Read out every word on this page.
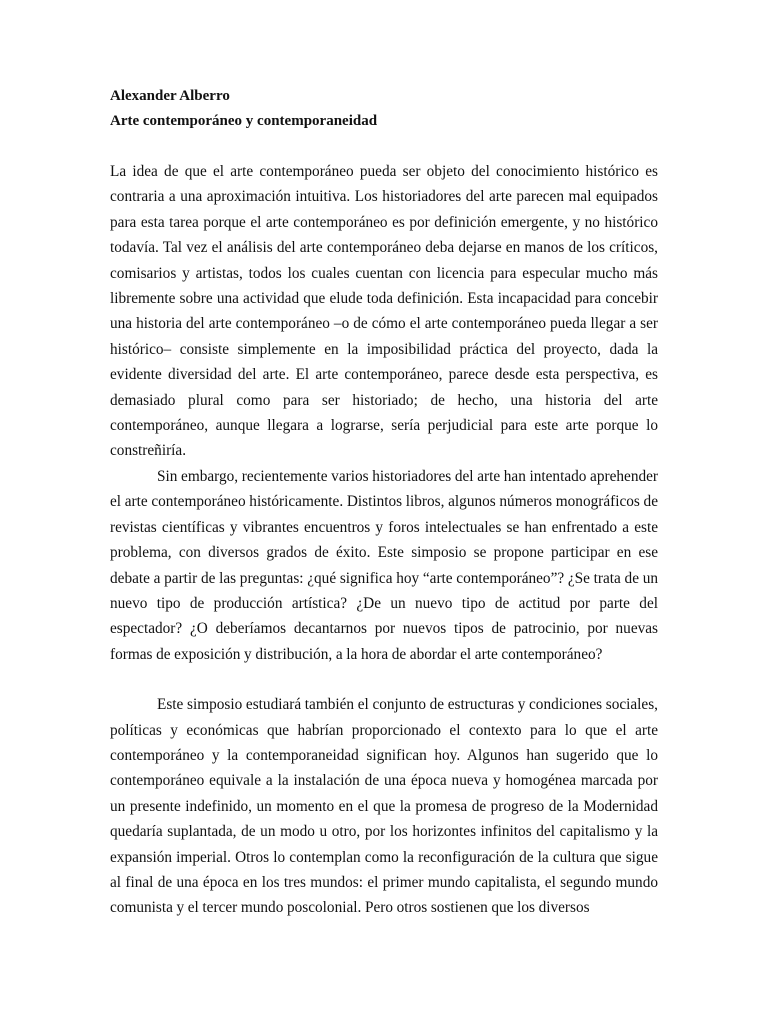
Alexander Alberro

Arte contemporáneo y contemporaneidad

La idea de que el arte contemporáneo pueda ser objeto del conocimiento histórico es contraria a una aproximación intuitiva. Los historiadores del arte parecen mal equipados para esta tarea porque el arte contemporáneo es por definición emergente, y no histórico todavía. Tal vez el análisis del arte contemporáneo deba dejarse en manos de los críticos, comisarios y artistas, todos los cuales cuentan con licencia para especular mucho más libremente sobre una actividad que elude toda definición. Esta incapacidad para concebir una historia del arte contemporáneo –o de cómo el arte contemporáneo pueda llegar a ser histórico– consiste simplemente en la imposibilidad práctica del proyecto, dada la evidente diversidad del arte. El arte contemporáneo, parece desde esta perspectiva, es demasiado plural como para ser historiado; de hecho, una historia del arte contemporáneo, aunque llegara a lograrse, sería perjudicial para este arte porque lo constreñiría.

Sin embargo, recientemente varios historiadores del arte han intentado aprehender el arte contemporáneo históricamente. Distintos libros, algunos números monográficos de revistas científicas y vibrantes encuentros y foros intelectuales se han enfrentado a este problema, con diversos grados de éxito. Este simposio se propone participar en ese debate a partir de las preguntas: ¿qué significa hoy “arte contemporáneo”? ¿Se trata de un nuevo tipo de producción artística? ¿De un nuevo tipo de actitud por parte del espectador? ¿O deberíamos decantarnos por nuevos tipos de patrocinio, por nuevas formas de exposición y distribución, a la hora de abordar el arte contemporáneo?

Este simposio estudiará también el conjunto de estructuras y condiciones sociales, políticas y económicas que habrían proporcionado el contexto para lo que el arte contemporáneo y la contemporaneidad significan hoy. Algunos han sugerido que lo contemporáneo equivale a la instalación de una época nueva y homogénea marcada por un presente indefinido, un momento en el que la promesa de progreso de la Modernidad quedaría suplantada, de un modo u otro, por los horizontes infinitos del capitalismo y la expansión imperial. Otros lo contemplan como la reconfiguración de la cultura que sigue al final de una época en los tres mundos: el primer mundo capitalista, el segundo mundo comunista y el tercer mundo poscolonial. Pero otros sostienen que los diversos
